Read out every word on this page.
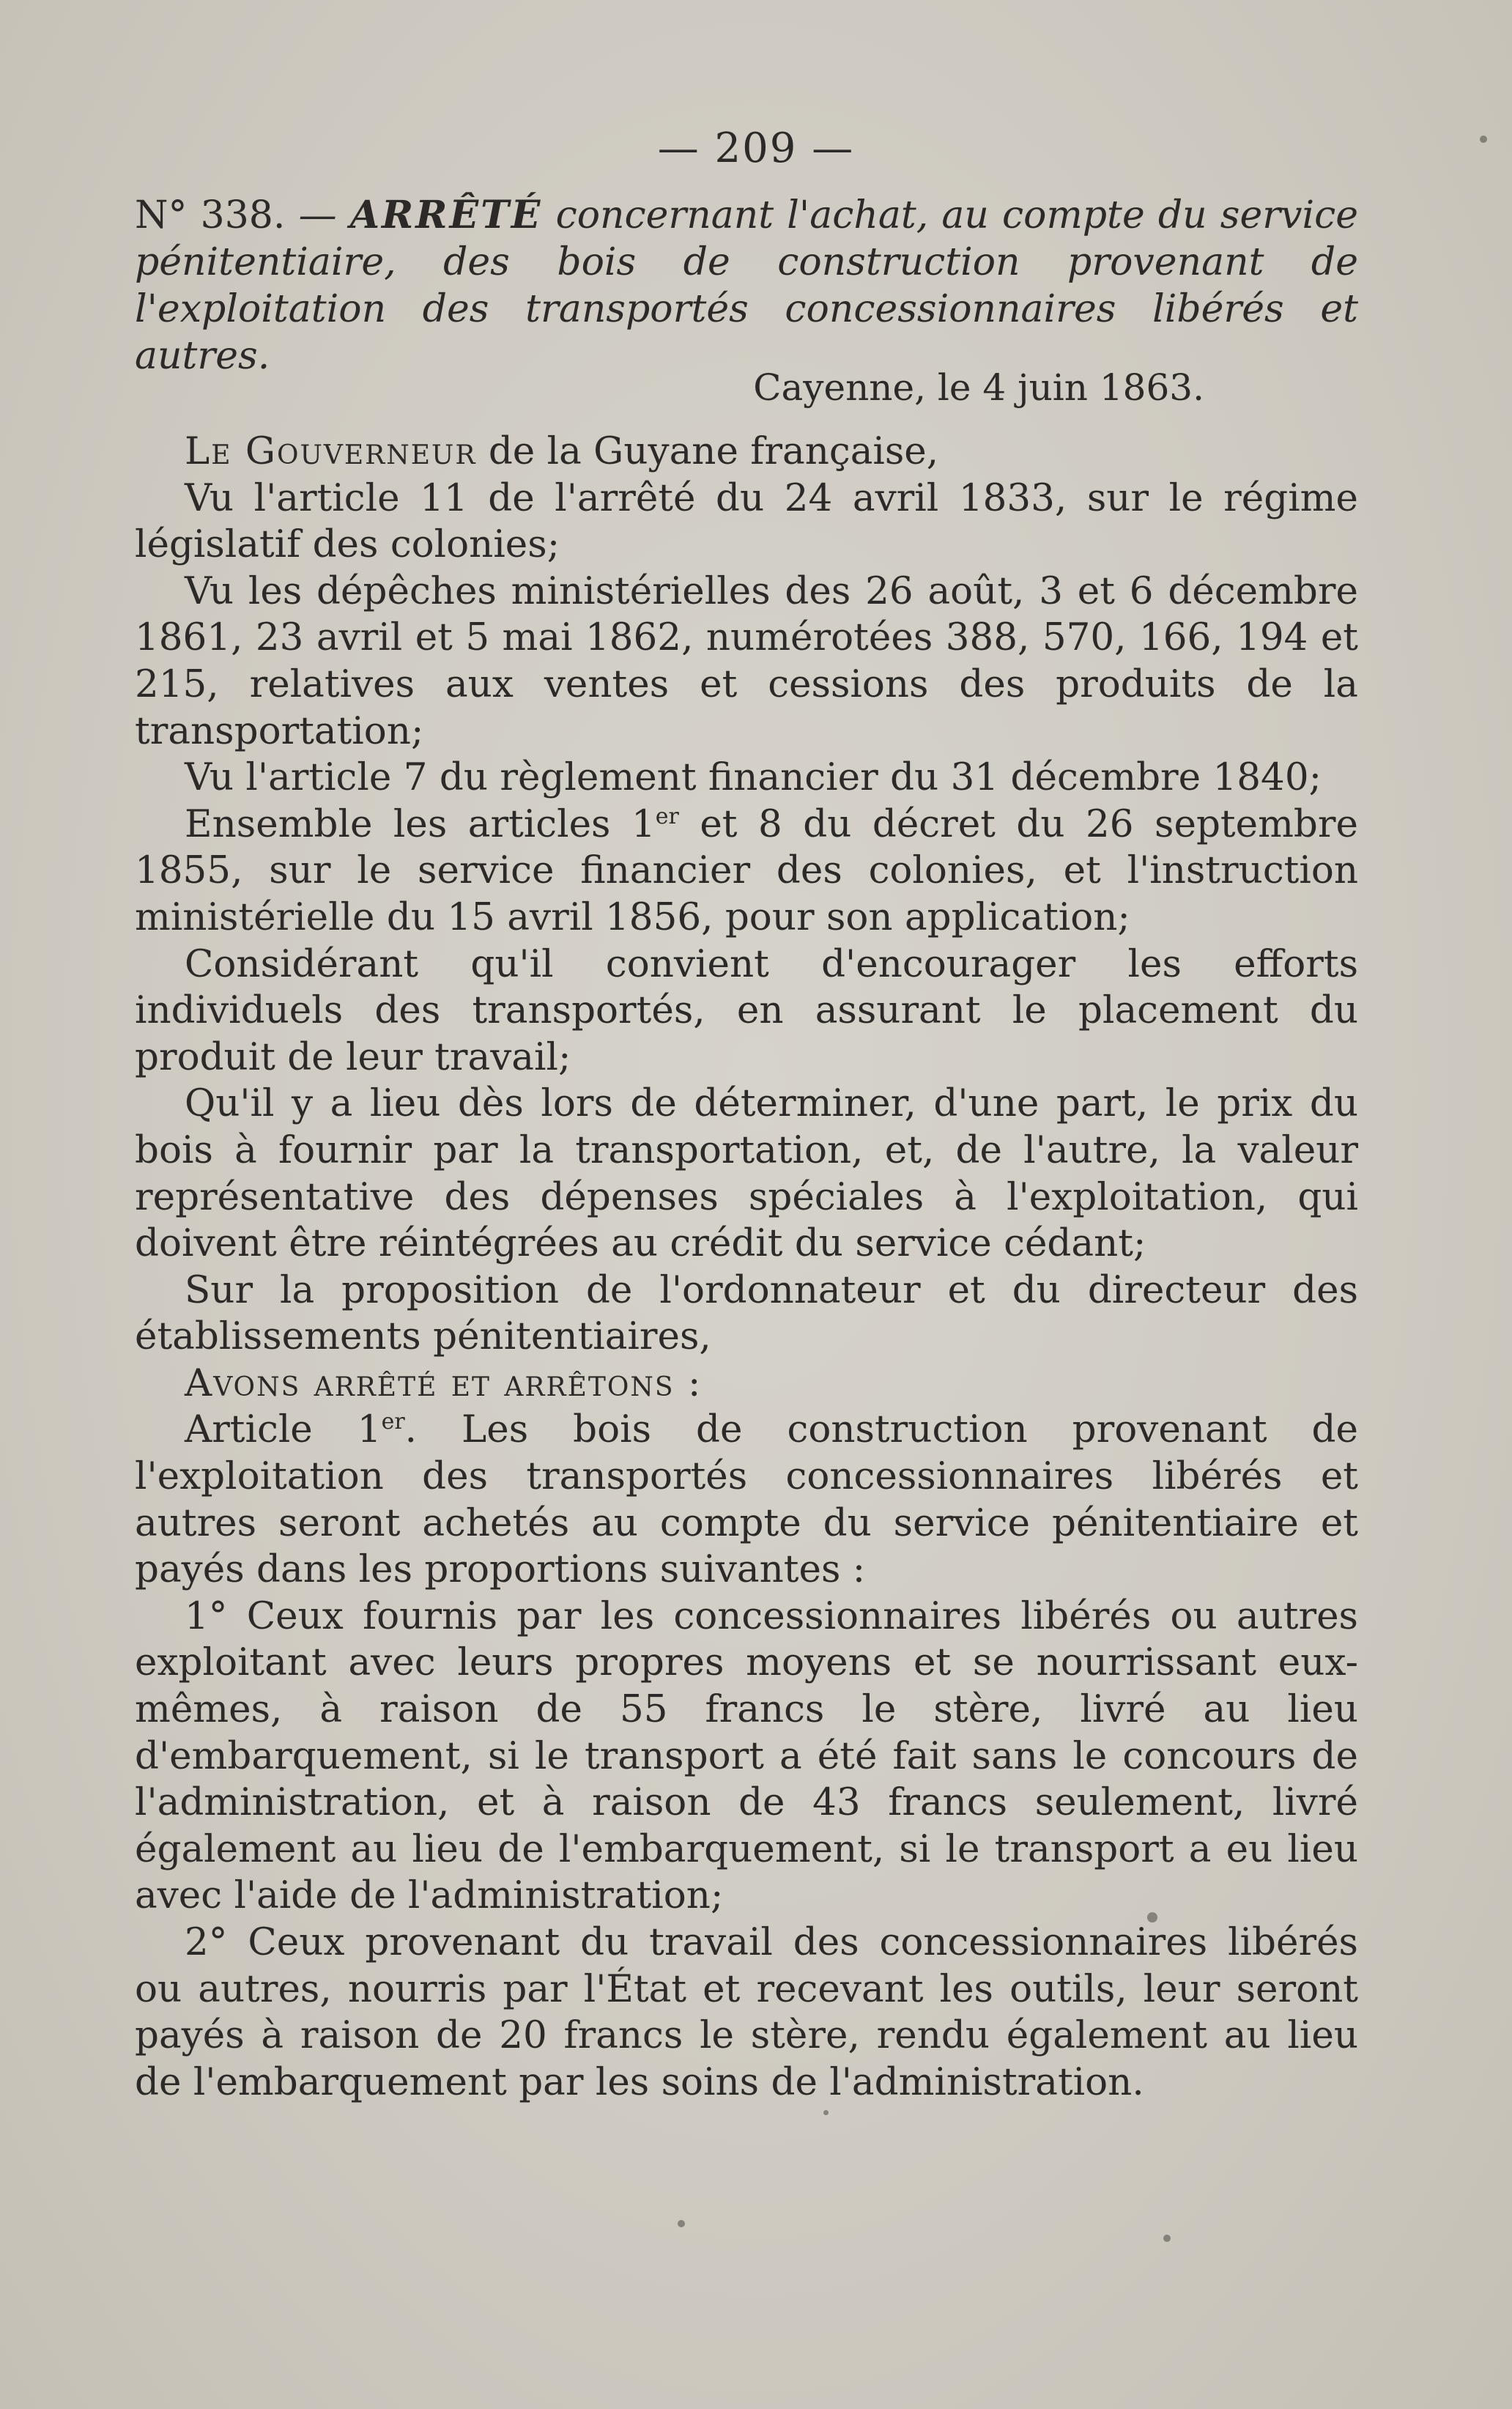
— 209 —
N° 338. — ARRÊTÉ concernant l'achat, au compte du service pénitentiaire, des bois de construction provenant de l'exploitation des transportés concessionnaires libérés et autres.
Cayenne, le 4 juin 1863.

Le Gouverneur de la Guyane française,

Vu l'article 11 de l'arrêté du 24 avril 1833, sur le régime législatif des colonies;

Vu les dépêches ministérielles des 26 août, 3 et 6 décembre 1861, 23 avril et 5 mai 1862, numérotées 388, 570, 166, 194 et 215, relatives aux ventes et cessions des produits de la transportation;

Vu l'article 7 du règlement financier du 31 décembre 1840;

Ensemble les articles 1er et 8 du décret du 26 septembre 1855, sur le service financier des colonies, et l'instruction ministérielle du 15 avril 1856, pour son application;

Considérant qu'il convient d'encourager les efforts individuels des transportés, en assurant le placement du produit de leur travail;

Qu'il y a lieu dès lors de déterminer, d'une part, le prix du bois à fournir par la transportation, et, de l'autre, la valeur représentative des dépenses spéciales à l'exploitation, qui doivent être réintégrées au crédit du service cédant;

Sur la proposition de l'ordonnateur et du directeur des établissements pénitentiaires,

Avons arrêté et arrêtons :

Article 1er. Les bois de construction provenant de l'exploitation des transportés concessionnaires libérés et autres seront achetés au compte du service pénitentiaire et payés dans les proportions suivantes :

1° Ceux fournis par les concessionnaires libérés ou autres exploitant avec leurs propres moyens et se nourrissant eux-mêmes, à raison de 55 francs le stère, livré au lieu d'embarquement, si le transport a été fait sans le concours de l'administration, et à raison de 43 francs seulement, livré également au lieu de l'embarquement, si le transport a eu lieu avec l'aide de l'administration;

2° Ceux provenant du travail des concessionnaires libérés ou autres, nourris par l'État et recevant les outils, leur seront payés à raison de 20 francs le stère, rendu également au lieu de l'embarquement par les soins de l'administration.
